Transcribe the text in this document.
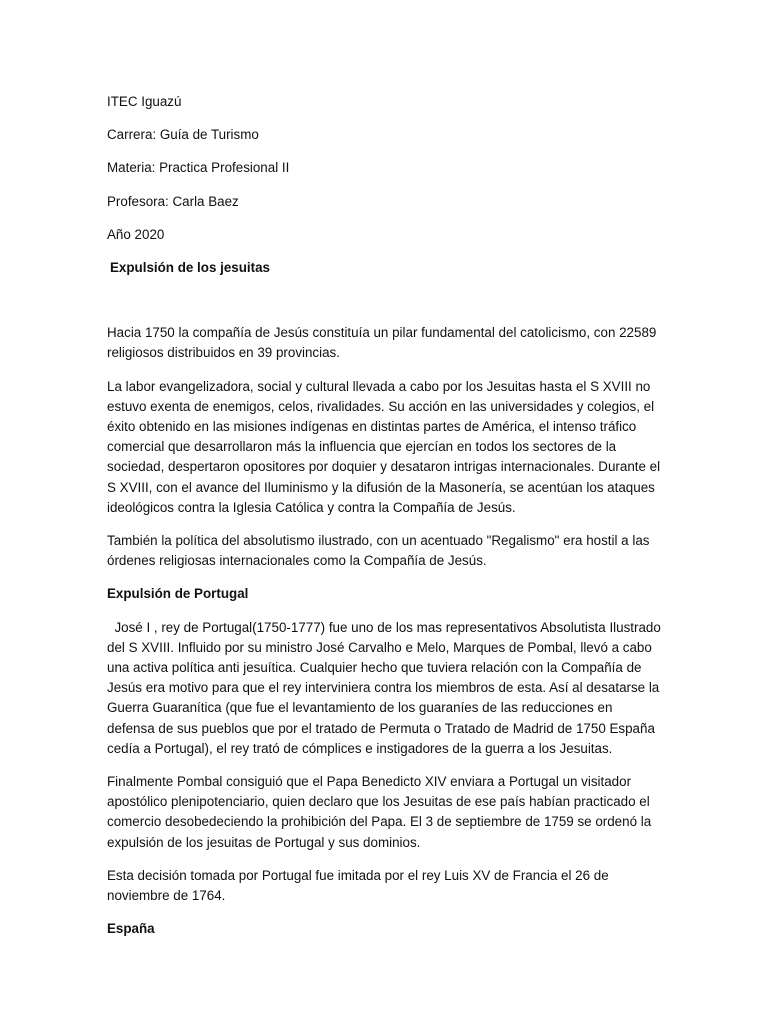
ITEC Iguazú

Carrera: Guía de Turismo

Materia: Practica Profesional II

Profesora: Carla Baez

Año 2020

Expulsión de los jesuitas

Hacia 1750 la compañía de Jesús constituía un pilar fundamental del catolicismo, con 22589 religiosos distribuidos en 39 provincias.

La labor evangelizadora, social y cultural llevada a cabo por los Jesuitas hasta el S XVIII no estuvo exenta de enemigos, celos, rivalidades. Su acción en las universidades y colegios, el éxito obtenido en las misiones indígenas en distintas partes de América, el intenso tráfico comercial que desarrollaron más la influencia que ejercían en todos los sectores de la sociedad, despertaron opositores por doquier y desataron intrigas internacionales. Durante el S XVIII, con el avance del Iluminismo y la difusión de la Masonería, se acentúan los ataques ideológicos contra la Iglesia Católica y contra la Compañía de Jesús.

También la política del absolutismo ilustrado, con un acentuado "Regalismo" era hostil a las órdenes religiosas internacionales como la Compañía de Jesús.

Expulsión de Portugal

José I , rey de Portugal(1750-1777) fue uno de los mas representativos Absolutista Ilustrado del S XVIII. Influido por su ministro José Carvalho e Melo, Marques de Pombal, llevó a cabo una activa política anti jesuítica. Cualquier hecho que tuviera relación con la Compañía de Jesús era motivo para que el rey interviniera contra los miembros de esta. Así al desatarse la Guerra Guaranítica (que fue el levantamiento de los guaraníes de las reducciones en defensa de sus pueblos que por el tratado de Permuta o Tratado de Madrid de 1750 España cedía a Portugal), el rey trató de cómplices e instigadores de la guerra a los Jesuitas.

Finalmente Pombal consiguió que el Papa Benedicto XIV enviara a Portugal un visitador apostólico plenipotenciario, quien declaro que los Jesuitas de ese país habían practicado el comercio desobedeciendo la prohibición del Papa. El 3 de septiembre de 1759 se ordenó la expulsión de los jesuitas de Portugal y sus dominios.

Esta decisión tomada por Portugal fue imitada por el rey Luis XV de Francia el 26 de noviembre de 1764.

España
